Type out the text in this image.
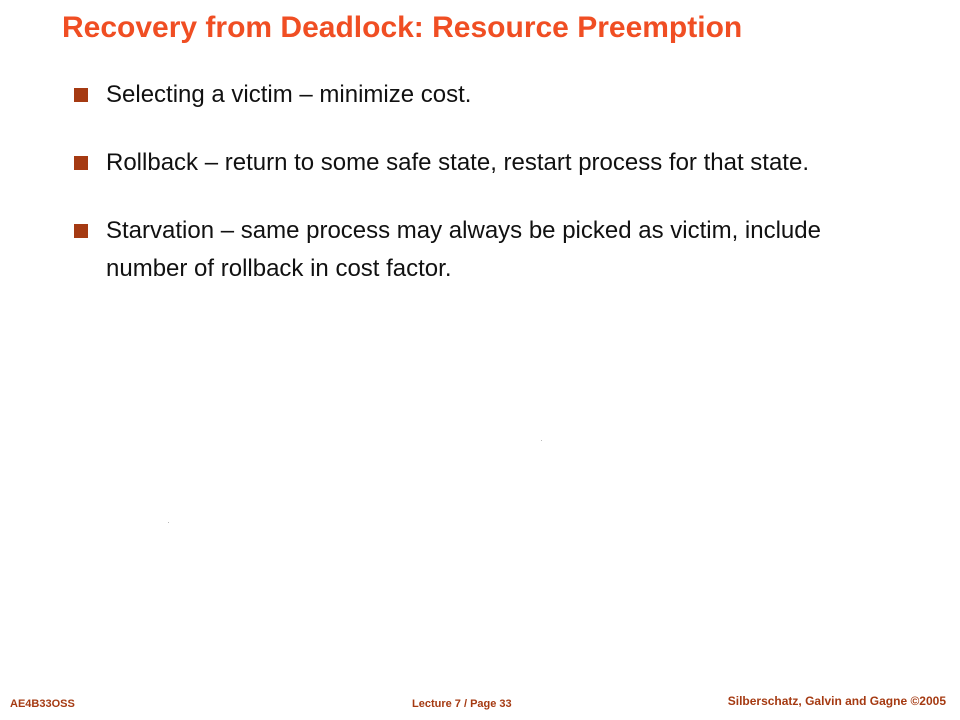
Recovery from Deadlock: Resource Preemption
Selecting a victim – minimize cost.
Rollback – return to some safe state, restart process for that state.
Starvation – same process may always be picked as victim, include number of rollback in cost factor.
AE4B33OSS	Lecture 7 / Page 33	Silberschatz, Galvin and Gagne ©2005
